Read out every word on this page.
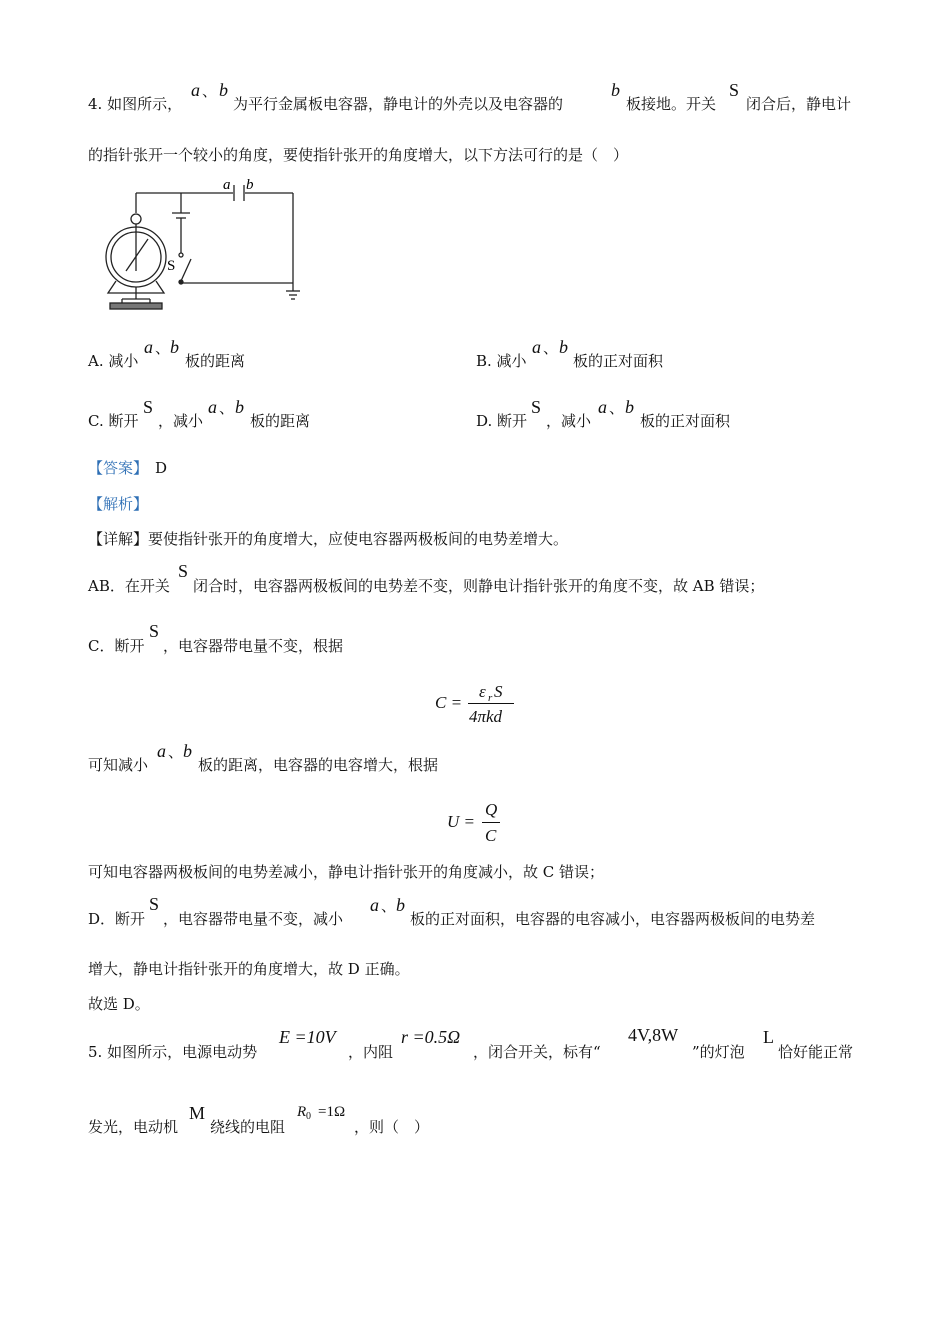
4. 如图所示，
a 、 b
为平行金属板电容器，静电计的外壳以及电容器的
b
板接地。开关
S
闭合后，静电计
的指针张开一个较小的角度，要使指针张开的角度增大，以下方法可行的是（　）
a b
S
A. 减小
a 、 b
板的距离	B. 减小
a 、 b
板的正对面积
C. 断开
S
，减小
a 、 b
板的距离	D. 断开
S
，减小
a 、 b
板的正对面积
【答案】 D
【解析】
【详解】要使指针张开的角度增大，应使电容器两极板间的电势差增大。
AB．在开关
S
闭合时，电容器两极板间的电势差不变，则静电计指针张开的角度不变，故 AB 错误；
C．断开
S
，电容器带电量不变，根据
C =
ε r S
4πkd
可知减小
a 、 b
板的距离，电容器的电容增大，根据
U =
Q
C
可知电容器两极板间的电势差减小，静电计指针张开的角度减小，故 C 错误；
D．断开
S
，电容器带电量不变，减小
a 、 b
板的正对面积，电容器的电容减小，电容器两极板间的电势差
增大，静电计指针张开的角度增大，故 D 正确。
故选 D。
5. 如图所示，电源电动势
E =10V
，内阻
r =0.5Ω
，闭合开关，标有“
4V,8W
”的灯泡
L
恰好能正常
发光，电动机
M
绕线的电阻
R 0 =1Ω
，则（　）
